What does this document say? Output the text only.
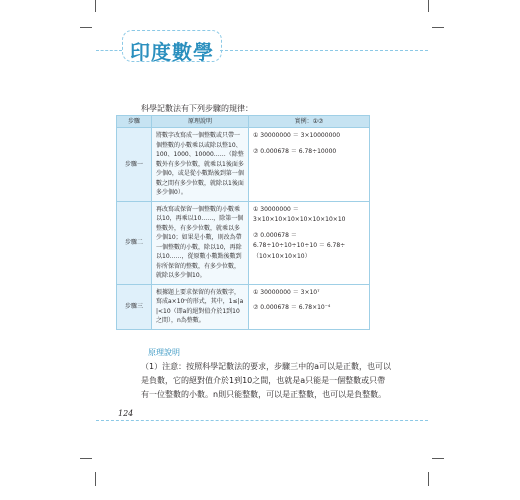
印度數學
科學記數法有下列步驟的規律：
步驟	原理說明	實例：①⑦
步驟一	將數字改寫成一個整數或只帶一個整數的小數乘以或除以整10、100、1000、10000……（除整數外有多少位數，就乘以1後面多少個0，或是從小數點後到第一個數之間有多少位數，就除以1後面多少個0）。	① 30000000 ＝ 3×10000000
⑦ 0.000678 ＝ 6.78÷10000

步驟二	再改寫或保留一個整數的小數乘以10，再乘以10……，除第一個整數外，有多少位數，就乘以多少個10；如果是小數，則改為帶一個整數的小數，除以10，再除以10……，從原數小數點後數到你所保留的整數，有多少位數，就除以多少個10。	① 30000000 ＝
3×10×10×10×10×10×10×10
⑦ 0.000678 ＝
6.78÷10÷10÷10÷10 ＝ 6.78÷
（10×10×10×10）

步驟三	根據題上要求保留的有效數字，寫成a×10ⁿ的形式，其中，1≤|a|<10（即a的絕對值介於1到10之間），n為整數。	① 30000000 ＝ 3×10⁷
⑦ 0.000678 ＝ 6.78×10⁻⁴
原理說明
（1）注意：按照科學記數法的要求，步驟三中的a可以是正數，也可以是負數，它的絕對值介於1到10之間，也就是a只能是一個整數或只帶有一位整數的小數。n則只能整數，可以是正整數，也可以是負整數。
124
